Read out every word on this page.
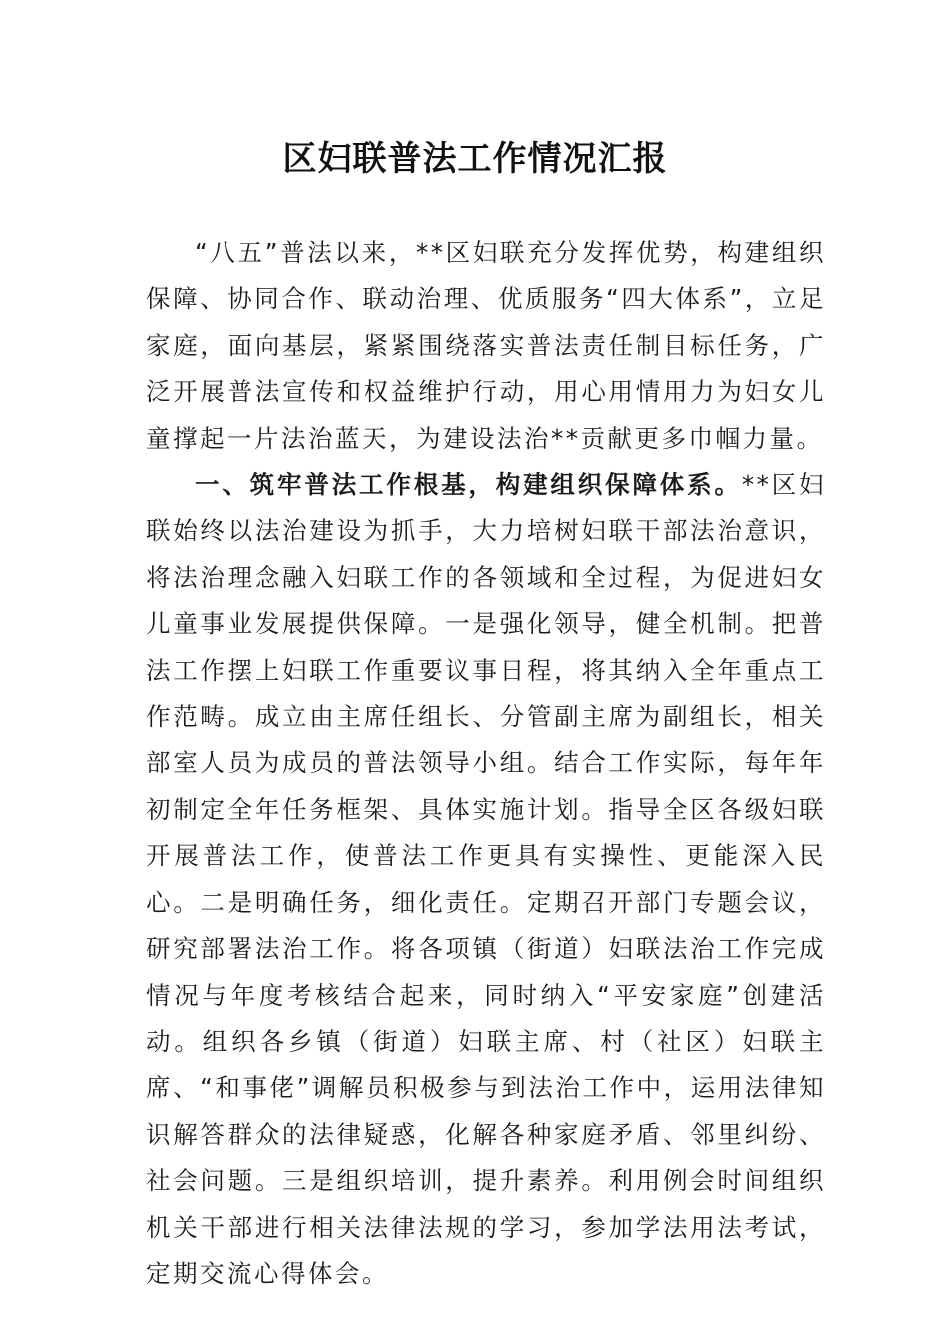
区妇联普法工作情况汇报

“八五”普法以来，**区妇联充分发挥优势，构建组织保障、协同合作、联动治理、优质服务“四大体系”，立足家庭，面向基层，紧紧围绕落实普法责任制目标任务，广泛开展普法宣传和权益维护行动，用心用情用力为妇女儿童撑起一片法治蓝天，为建设法治**贡献更多巾帼力量。

一、筑牢普法工作根基，构建组织保障体系。**区妇联始终以法治建设为抓手，大力培树妇联干部法治意识，将法治理念融入妇联工作的各领域和全过程，为促进妇女儿童事业发展提供保障。一是强化领导，健全机制。把普法工作摆上妇联工作重要议事日程，将其纳入全年重点工作范畴。成立由主席任组长、分管副主席为副组长，相关部室人员为成员的普法领导小组。结合工作实际，每年年初制定全年任务框架、具体实施计划。指导全区各级妇联开展普法工作，使普法工作更具有实操性、更能深入民心。二是明确任务，细化责任。定期召开部门专题会议，研究部署法治工作。将各项镇（街道）妇联法治工作完成情况与年度考核结合起来，同时纳入“平安家庭”创建活动。组织各乡镇（街道）妇联主席、村（社区）妇联主席、“和事佬”调解员积极参与到法治工作中，运用法律知识解答群众的法律疑惑，化解各种家庭矛盾、邻里纠纷、社会问题。三是组织培训，提升素养。利用例会时间组织机关干部进行相关法律法规的学习，参加学法用法考试，定期交流心得体会。
